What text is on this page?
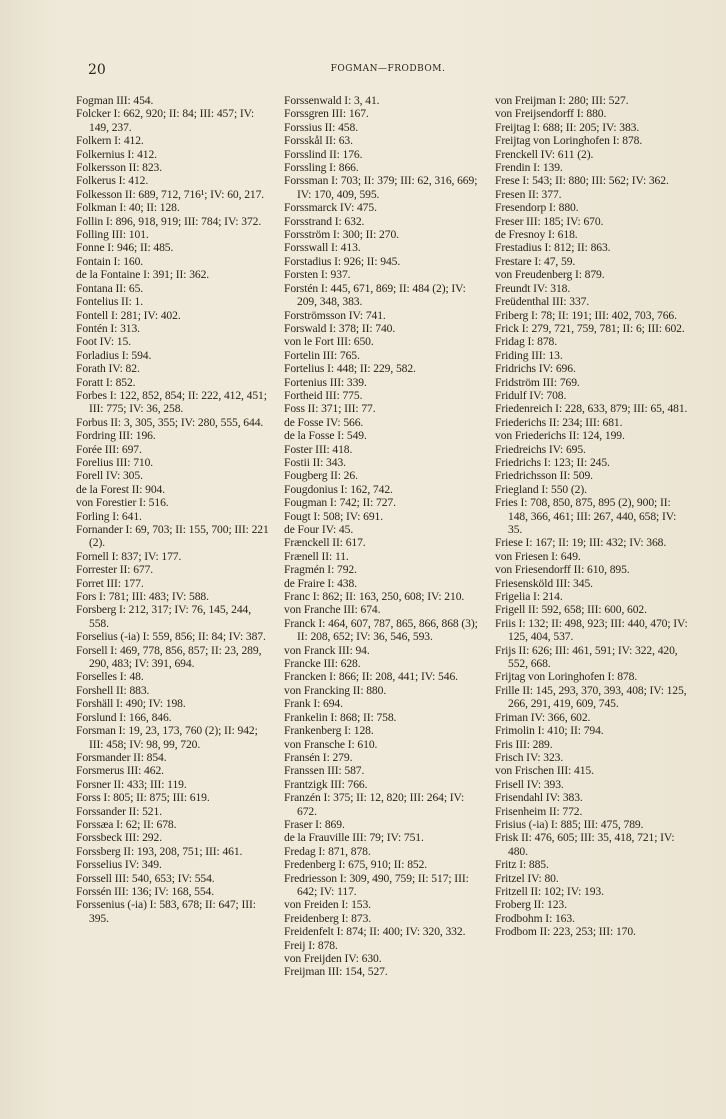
20	FOGMAN—FRODBOM.
Fogman III: 454.
Folcker I: 662, 920; II: 84; III: 457; IV: 149, 237.
Folkern I: 412.
Folkernius I: 412.
Folkersson II: 823.
Folkerus I: 412.
Folkesson II: 689, 712, 716¹; IV: 60, 217.
Folkman I: 40; II: 128.
Follin I: 896, 918, 919; III: 784; IV: 372.
Folling III: 101.
Fonne I: 946; II: 485.
Fontain I: 160.
de la Fontaine I: 391; II: 362.
Fontana II: 65.
Fontelius II: 1.
Fontell I: 281; IV: 402.
Fontén I: 313.
Foot IV: 15.
Forladius I: 594.
Forath IV: 82.
Foratt I: 852.
Forbes I: 122, 852, 854; II: 222, 412, 451; III: 775; IV: 36, 258.
Forbus II: 3, 305, 355; IV: 280, 555, 644.
Fordring III: 196.
Forée III: 697.
Forelius III: 710.
Forell IV: 305.
de la Forest II: 904.
von Forestier I: 516.
Forling I: 641.
Fornander I: 69, 703; II: 155, 700; III: 221 (2).
Fornell I: 837; IV: 177.
Forrester II: 677.
Forret III: 177.
Fors I: 781; III: 483; IV: 588.
Forsberg I: 212, 317; IV: 76, 145, 244, 558.
Forselius (-ia) I: 559, 856; II: 84; IV: 387.
Forsell I: 469, 778, 856, 857; II: 23, 289, 290, 483; IV: 391, 694.
Forselles I: 48.
Forshell II: 883.
Forshäll I: 490; IV: 198.
Forslund I: 166, 846.
Forsman I: 19, 23, 173, 760 (2); II: 942; III: 458; IV: 98, 99, 720.
Forsmander II: 854.
Forsmerus III: 462.
Forsner II: 433; III: 119.
Forss I: 805; II: 875; III: 619.
Forssander II: 521.
Forssæa I: 62; II: 678.
Forssbeck III: 292.
Forssberg II: 193, 208, 751; III: 461.
Forsselius IV: 349.
Forssell III: 540, 653; IV: 554.
Forssén III: 136; IV: 168, 554.
Forssenius (-ia) I: 583, 678; II: 647; III: 395.
Forssenwald I: 3, 41.
Forssgren III: 167.
Forssius II: 458.
Forsskål II: 63.
Forsslind II: 176.
Forssling I: 866.
Forssman I: 703; II: 379; III: 62, 316, 669; IV: 170, 409, 595.
Forssmarck IV: 475.
Forsstrand I: 632.
Forsström I: 300; II: 270.
Forsswall I: 413.
Forstadius I: 926; II: 945.
Forsten I: 937.
Forstén I: 445, 671, 869; II: 484 (2); IV: 209, 348, 383.
Forströmsson IV: 741.
Forswald I: 378; II: 740.
von le Fort III: 650.
Fortelin III: 765.
Fortelius I: 448; II: 229, 582.
Fortenius III: 339.
Fortheid III: 775.
Foss II: 371; III: 77.
de Fosse IV: 566.
de la Fosse I: 549.
Foster III: 418.
Fostii II: 343.
Fougberg II: 26.
Fougdonius I: 162, 742.
Fougman I: 742; II: 727.
Fougt I: 508; IV: 691.
de Four IV: 45.
Frænckell II: 617.
Frænell II: 11.
Fragmén I: 792.
de Fraire I: 438.
Franc I: 862; II: 163, 250, 608; IV: 210.
von Franche III: 674.
Franck I: 464, 607, 787, 865, 866, 868 (3); II: 208, 652; IV: 36, 546, 593.
von Franck III: 94.
Francke III: 628.
Francken I: 866; II: 208, 441; IV: 546.
von Francking II: 880.
Frank I: 694.
Frankelin I: 868; II: 758.
Frankenberg I: 128.
von Fransche I: 610.
Fransén I: 279.
Franssen III: 587.
Frantzigk III: 766.
Franzén I: 375; II: 12, 820; III: 264; IV: 672.
Fraser I: 869.
de la Frauville III: 79; IV: 751.
Fredag I: 871, 878.
Fredenberg I: 675, 910; II: 852.
Fredriesson I: 309, 490, 759; II: 517; III: 642; IV: 117.
von Freiden I: 153.
Freidenberg I: 873.
Freidenfelt I: 874; II: 400; IV: 320, 332.
Freij I: 878.
von Freijden IV: 630.
Freijman III: 154, 527.
von Freijman I: 280; III: 527.
von Freijsendorff I: 880.
Freijtag I: 688; II: 205; IV: 383.
Freijtag von Loringhofen I: 878.
Frenckell IV: 611 (2).
Frendin I: 139.
Frese I: 543; II: 880; III: 562; IV: 362.
Fresen II: 377.
Fresendorp I: 880.
Freser III: 185; IV: 670.
de Fresnoy I: 618.
Frestadius I: 812; II: 863.
Frestare I: 47, 59.
von Freudenberg I: 879.
Freundt IV: 318.
Freüdenthal III: 337.
Friberg I: 78; II: 191; III: 402, 703, 766.
Frick I: 279, 721, 759, 781; II: 6; III: 602.
Fridag I: 878.
Friding III: 13.
Fridrichs IV: 696.
Fridström III: 769.
Fridulf IV: 708.
Friedenreich I: 228, 633, 879; III: 65, 481.
Friederichs II: 234; III: 681.
von Friederichs II: 124, 199.
Friedreichs IV: 695.
Friedrichs I: 123; II: 245.
Friedrichsson II: 509.
Friegland I: 550 (2).
Fries I: 708, 850, 875, 895 (2), 900; II: 148, 366, 461; III: 267, 440, 658; IV: 35.
Friese I: 167; II: 19; III: 432; IV: 368.
von Friesen I: 649.
von Friesendorff II: 610, 895.
Friesensköld III: 345.
Frigelia I: 214.
Frigell II: 592, 658; III: 600, 602.
Friis I: 132; II: 498, 923; III: 440, 470; IV: 125, 404, 537.
Frijs II: 626; III: 461, 591; IV: 322, 420, 552, 668.
Frijtag von Loringhofen I: 878.
Frille II: 145, 293, 370, 393, 408; IV: 125, 266, 291, 419, 609, 745.
Friman IV: 366, 602.
Frimolin I: 410; II: 794.
Fris III: 289.
Frisch IV: 323.
von Frischen III: 415.
Frisell IV: 393.
Frisendahl IV: 383.
Frisenheim II: 772.
Frisius (-ia) I: 885; III: 475, 789.
Frisk II: 476, 605; III: 35, 418, 721; IV: 480.
Fritz I: 885.
Fritzel IV: 80.
Fritzell II: 102; IV: 193.
Froberg II: 123.
Frodbohm I: 163.
Frodbom II: 223, 253; III: 170.
